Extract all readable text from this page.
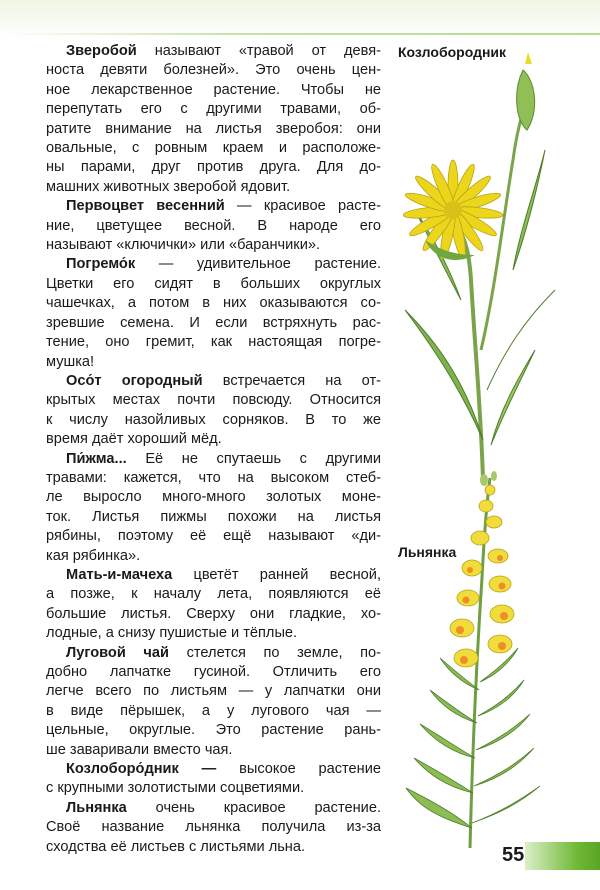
Зверобой называют «травой от девя-
носта девяти болезней». Это очень цен-
ное лекарственное растение. Чтобы не
перепутать его с другими травами, об-
ратите внимание на листья зверобоя: они
овальные, с ровным краем и расположе-
ны парами, друг против друга. Для до-
машних животных зверобой ядовит.
Первоцвет весенний — красивое расте-
ние, цветущее весной. В народе его
называют «ключички» или «баранчики».
Погремо́к — удивительное растение.
Цветки его сидят в больших округлых
чашечках, а потом в них оказываются со-
зревшие семена. И если встряхнуть рас-
тение, оно гремит, как настоящая погре-
мушка!
Осо́т огородный встречается на от-
крытых местах почти повсюду. Относится
к числу назойливых сорняков. В то же
время даёт хороший мёд.
Пи́жма... Её не спутаешь с другими
травами: кажется, что на высоком стеб-
ле выросло много-много золотых моне-
ток. Листья пижмы похожи на листья
рябины, поэтому её ещё называют «ди-
кая рябинка».
Мать-и-мачеха цветёт ранней весной,
а позже, к началу лета, появляются её
большие листья. Сверху они гладкие, хо-
лодные, а снизу пушистые и тёплые.
Луговой чай стелется по земле, по-
добно лапчатке гусиной. Отличить его
легче всего по листьям — у лапчатки они
в виде пёрышек, а у лугового чая —
цельные, округлые. Это растение рань-
ше заваривали вместо чая.
Козлоборо́дник — высокое растение
с крупными золотистыми соцветиями.
Льнянка очень красивое растение.
Своё название льнянка получила из-за
сходства её листьев с листьями льна.
Козлобородник
Льнянка
55
